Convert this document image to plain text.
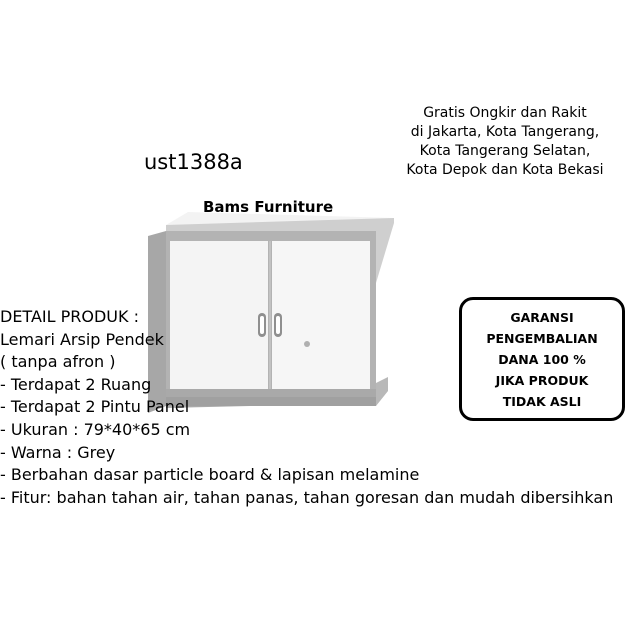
Gratis Ongkir dan Rakit
di Jakarta, Kota Tangerang,
Kota Tangerang Selatan,
Kota Depok dan Kota Bekasi
ust1388a
Bams Furniture
DETAIL PRODUK :
Lemari Arsip Pendek
( tanpa afron )
- Terdapat 2 Ruang
- Terdapat 2 Pintu Panel
- Ukuran : 79*40*65 cm
- Warna : Grey
- Berbahan dasar particle board & lapisan melamine
- Fitur: bahan tahan air, tahan panas, tahan goresan dan mudah dibersihkan
GARANSI
PENGEMBALIAN
DANA 100 %
JIKA PRODUK
TIDAK ASLI
